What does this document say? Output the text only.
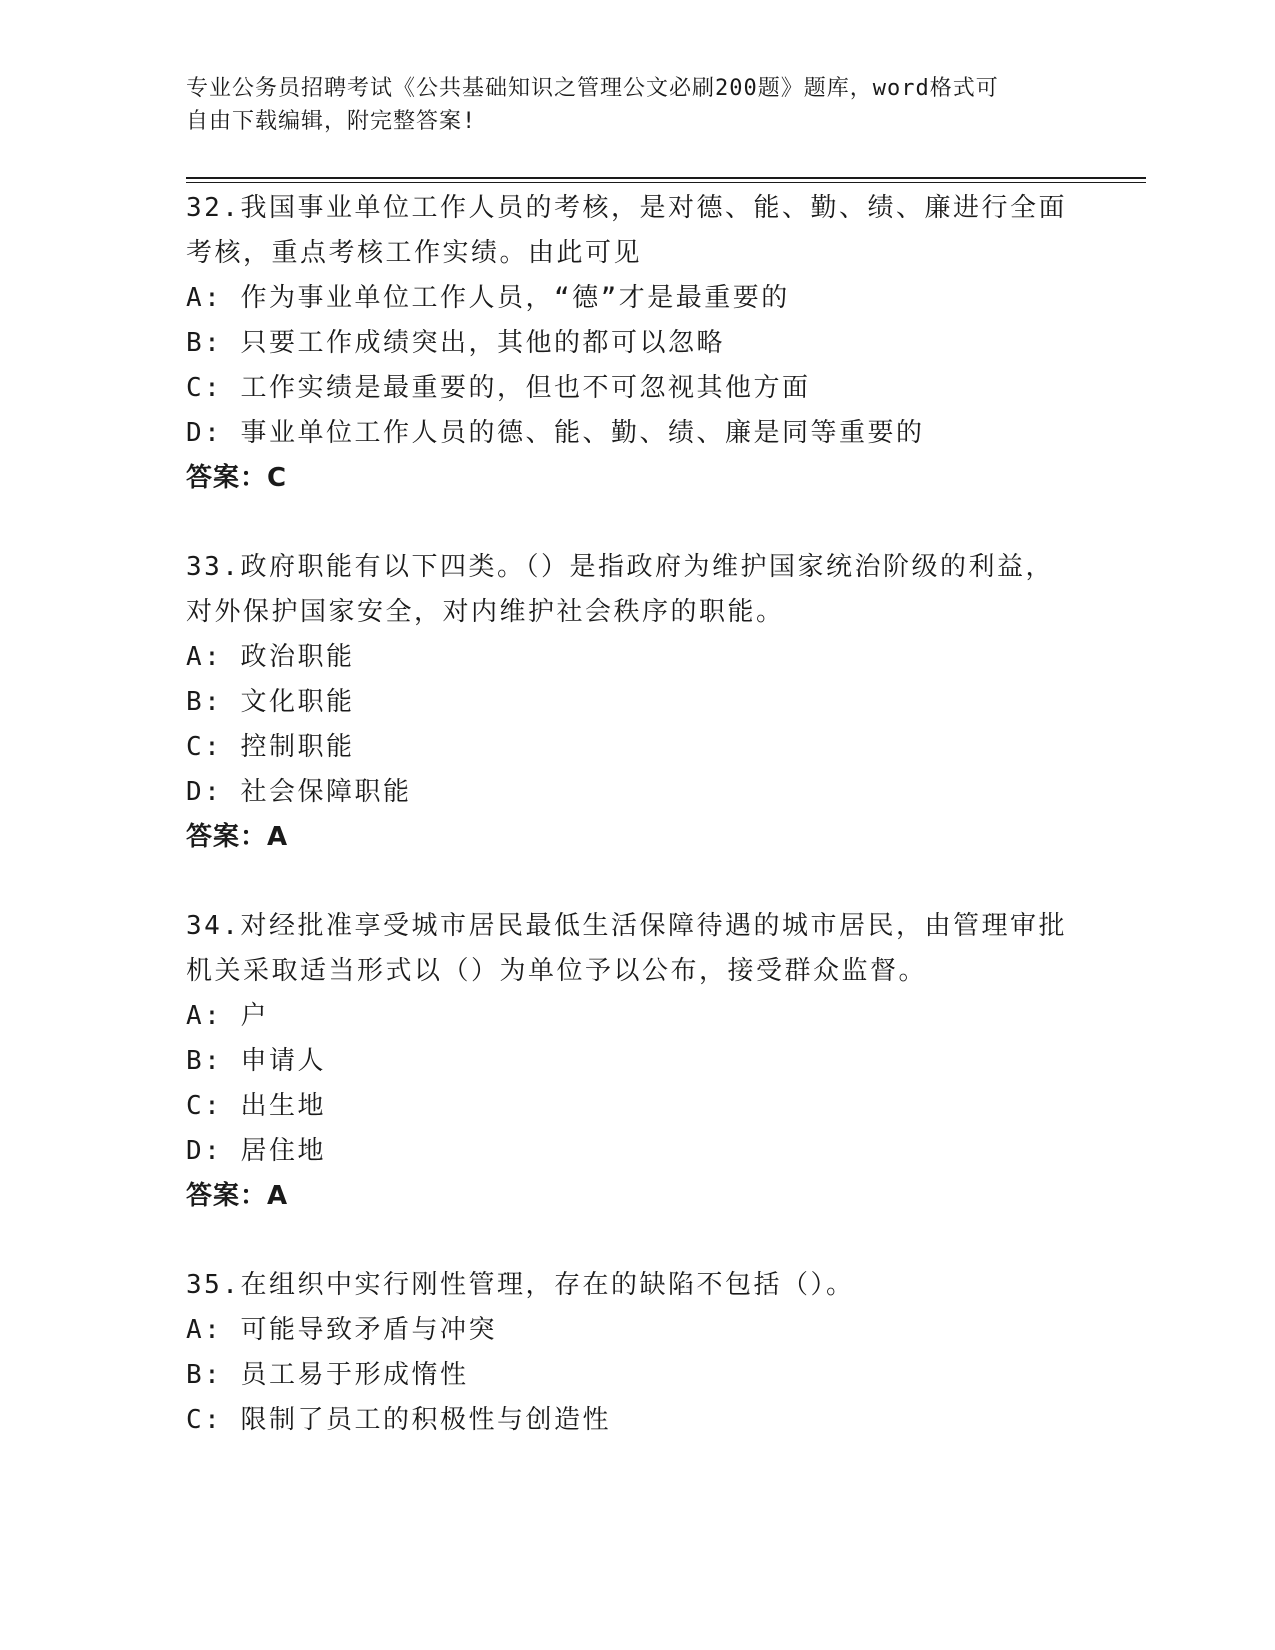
专业公务员招聘考试《公共基础知识之管理公文必刷200题》题库，word格式可
自由下载编辑，附完整答案!
32.我国事业单位工作人员的考核，是对德、能、勤、绩、廉进行全面
考核，重点考核工作实绩。由此可见
A: 作为事业单位工作人员，“德”才是最重要的
B: 只要工作成绩突出，其他的都可以忽略
C: 工作实绩是最重要的，但也不可忽视其他方面
D: 事业单位工作人员的德、能、勤、绩、廉是同等重要的
答案：C
33.政府职能有以下四类。（）是指政府为维护国家统治阶级的利益，
对外保护国家安全，对内维护社会秩序的职能。
A: 政治职能
B: 文化职能
C: 控制职能
D: 社会保障职能
答案：A
34.对经批准享受城市居民最低生活保障待遇的城市居民，由管理审批
机关采取适当形式以（）为单位予以公布，接受群众监督。
A: 户
B: 申请人
C: 出生地
D: 居住地
答案：A
35.在组织中实行刚性管理，存在的缺陷不包括（）。
A: 可能导致矛盾与冲突
B: 员工易于形成惰性
C: 限制了员工的积极性与创造性
